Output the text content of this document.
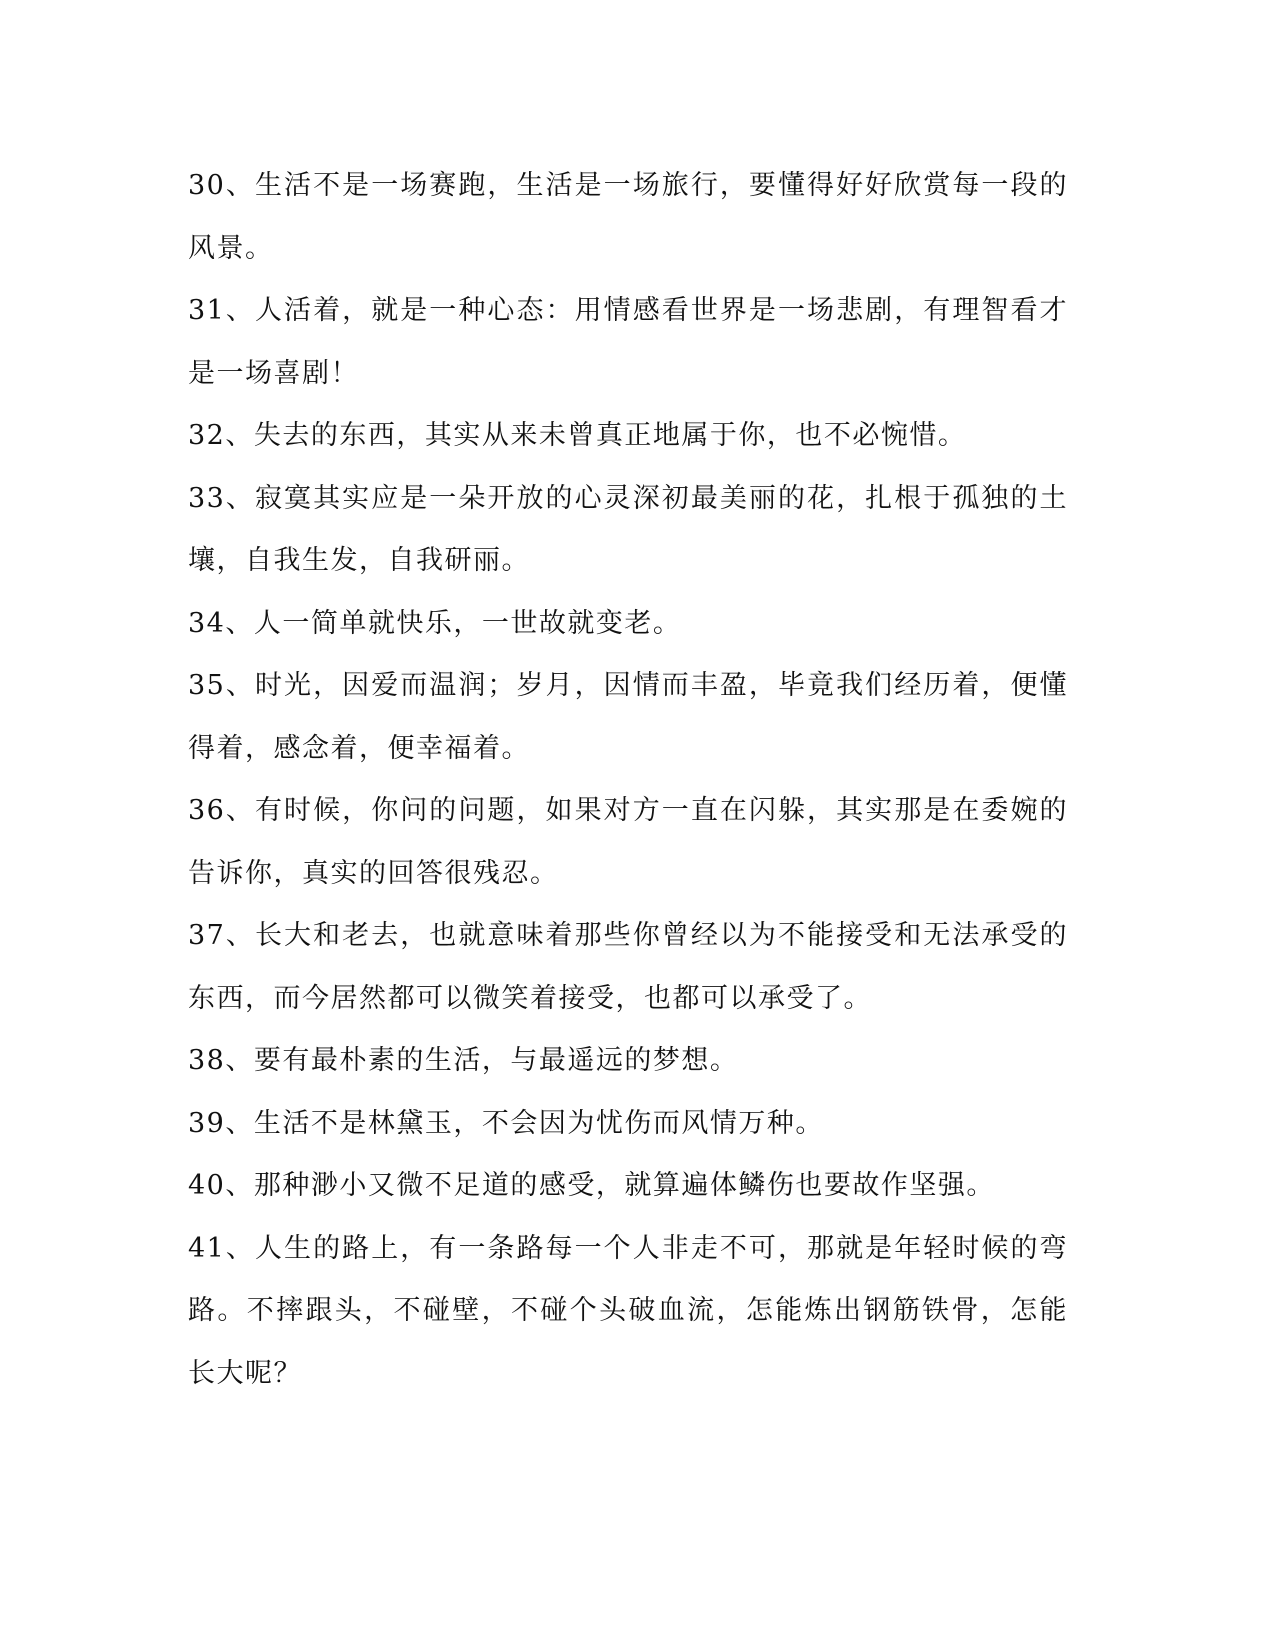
30、生活不是一场赛跑，生活是一场旅行，要懂得好好欣赏每一段的风景。

31、人活着，就是一种心态：用情感看世界是一场悲剧，有理智看才是一场喜剧！

32、失去的东西，其实从来未曾真正地属于你，也不必惋惜。

33、寂寞其实应是一朵开放的心灵深初最美丽的花，扎根于孤独的土壤，自我生发，自我研丽。

34、人一简单就快乐，一世故就变老。

35、时光，因爱而温润；岁月，因情而丰盈，毕竟我们经历着，便懂得着，感念着，便幸福着。

36、有时候，你问的问题，如果对方一直在闪躲，其实那是在委婉的告诉你，真实的回答很残忍。

37、长大和老去，也就意味着那些你曾经以为不能接受和无法承受的东西，而今居然都可以微笑着接受，也都可以承受了。

38、要有最朴素的生活，与最遥远的梦想。

39、生活不是林黛玉，不会因为忧伤而风情万种。

40、那种渺小又微不足道的感受，就算遍体鳞伤也要故作坚强。

41、人生的路上，有一条路每一个人非走不可，那就是年轻时候的弯路。不摔跟头，不碰壁，不碰个头破血流，怎能炼出钢筋铁骨，怎能长大呢？
